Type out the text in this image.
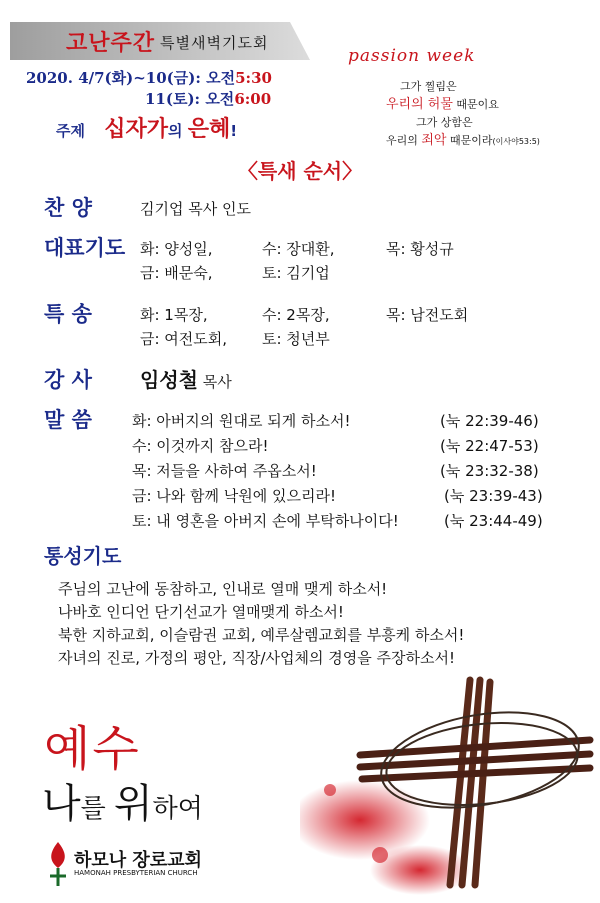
고난주간 특별새벽기도회
2020. 4/7(화)~10(금): 오전5:30
11(토): 오전6:00
passion week
그가 찔림은
우리의 허물 때문이요
그가 상함은
우리의 죄악 때문이라(이사야53:5)
주제 십자가의 은혜!
〈특새 순서〉
찬 양	김기업 목사 인도
대표기도 화: 양성일,	수: 장대환,	목: 황성규
금: 배문숙,	토: 김기업
특 송	화: 1목장,	수: 2목장,	목: 남전도회
금: 여전도회, 토: 청년부
강 사 임성철 목사
말 씀	화: 아버지의 원대로 되게 하소서!	(눅 22:39-46)
수: 이것까지 참으라!	(눅 22:47-53)
목: 저들을 사하여 주옵소서!	(눅 23:32-38)
금: 나와 함께 낙원에 있으리라!	(눅 23:39-43)
토: 내 영혼을 아버지 손에 부탁하나이다!	(눅 23:44-49)
통성기도
주님의 고난에 동참하고, 인내로 열매 맺게 하소서!
나바호 인디언 단기선교가 열매맺게 하소서!
북한 지하교회, 이슬람권 교회, 예루살렘교회를 부흥케 하소서!
자녀의 진로, 가정의 평안, 직장/사업체의 경영을 주장하소서!
예수
나를 위하여
하모나 장로교회
HAMONAH PRESBYTERIAN CHURCH
